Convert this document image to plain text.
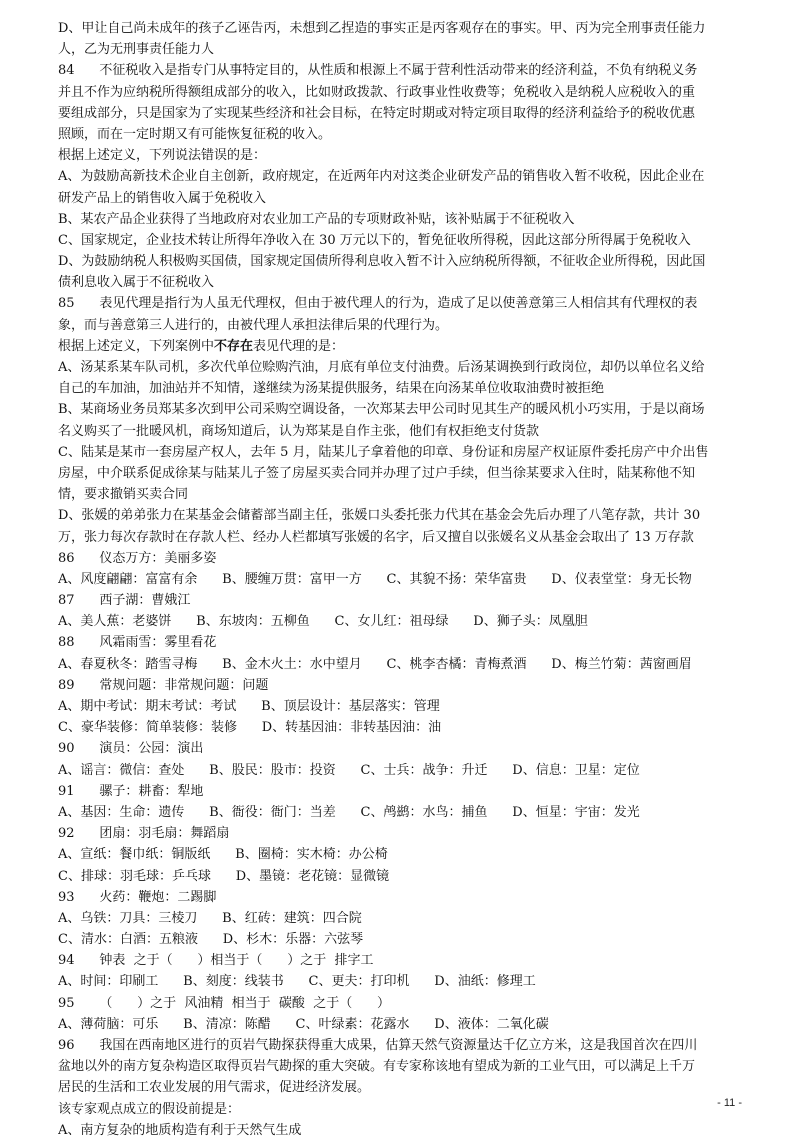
D、甲让自己尚未成年的孩子乙诬告丙，未想到乙捏造的事实正是丙客观存在的事实。甲、丙为完全刑事责任能力
人，乙为无刑事责任能力人
84      不征税收入是指专门从事特定目的，从性质和根源上不属于营利性活动带来的经济利益，不负有纳税义务
并且不作为应纳税所得额组成部分的收入，比如财政拨款、行政事业性收费等；免税收入是纳税人应税收入的重
要组成部分，只是国家为了实现某些经济和社会目标，在特定时期或对特定项目取得的经济利益给予的税收优惠
照顾，而在一定时期又有可能恢复征税的收入。
根据上述定义，下列说法错误的是：
A、为鼓励高新技术企业自主创新，政府规定，在近两年内对这类企业研发产品的销售收入暂不收税，因此企业在
研发产品上的销售收入属于免税收入
B、某农产品企业获得了当地政府对农业加工产品的专项财政补贴，该补贴属于不征税收入
C、国家规定，企业技术转让所得年净收入在 30 万元以下的，暂免征收所得税，因此这部分所得属于免税收入
D、为鼓励纳税人积极购买国债，国家规定国债所得利息收入暂不计入应纳税所得额，不征收企业所得税，因此国
债利息收入属于不征税收入
85      表见代理是指行为人虽无代理权，但由于被代理人的行为，造成了足以使善意第三人相信其有代理权的表
象，而与善意第三人进行的，由被代理人承担法律后果的代理行为。
根据上述定义，下列案例中不存在表见代理的是：
A、汤某系某车队司机，多次代单位赊购汽油，月底有单位支付油费。后汤某调换到行政岗位，却仍以单位名义给
自己的车加油，加油站并不知情，遂继续为汤某提供服务，结果在向汤某单位收取油费时被拒绝
B、某商场业务员郑某多次到甲公司采购空调设备，一次郑某去甲公司时见其生产的暖风机小巧实用，于是以商场
名义购买了一批暖风机，商场知道后，认为郑某是自作主张，他们有权拒绝支付货款
C、陆某是某市一套房屋产权人，去年 5 月，陆某儿子拿着他的印章、身份证和房屋产权证原件委托房产中介出售
房屋，中介联系促成徐某与陆某儿子签了房屋买卖合同并办理了过户手续，但当徐某要求入住时，陆某称他不知
情，要求撤销买卖合同
D、张媛的弟弟张力在某基金会储蓄部当副主任，张媛口头委托张力代其在基金会先后办理了八笔存款，共计 30
万，张力每次存款时在存款人栏、经办人栏都填写张媛的名字，后又擅自以张媛名义从基金会取出了 13 万存款
86      仪态万方：美丽多姿
A、风度翩翩：富富有余      B、腰缠万贯：富甲一方      C、其貌不扬：荣华富贵      D、仪表堂堂：身无长物
87      西子湖：曹娥江
A、美人蕉：老婆饼      B、东坡肉：五柳鱼      C、女儿红：祖母绿      D、狮子头：凤凰胆
88      风霜雨雪：雾里看花
A、春夏秋冬：踏雪寻梅      B、金木火土：水中望月      C、桃李杏橘：青梅煮酒      D、梅兰竹菊：茜窗画眉
89      常规问题：非常规问题：问题
A、期中考试：期末考试：考试      B、顶层设计：基层落实：管理
C、豪华装修：简单装修：装修      D、转基因油：非转基因油：油
90      演员：公园：演出
A、谣言：微信：查处      B、股民：股市：投资      C、士兵：战争：升迁      D、信息：卫星：定位
91      骡子：耕畜：犁地
A、基因：生命：遗传      B、衙役：衙门：当差      C、鸬鹚：水鸟：捕鱼      D、恒星：宇宙：发光
92      团扇：羽毛扇：舞蹈扇
A、宣纸：餐巾纸：铜版纸      B、圈椅：实木椅：办公椅
C、排球：羽毛球：乒乓球      D、墨镜：老花镜：显微镜
93      火药：鞭炮：二踢脚
A、乌铁：刀具：三棱刀      B、红砖：建筑：四合院
C、清水：白酒：五粮液      D、杉木：乐器：六弦琴
94      钟表  之于（      ）相当于（      ）之于  排字工
A、时间：印刷工      B、刻度：线装书      C、更夫：打印机      D、油纸：修理工
95      （      ）之于  风油精  相当于  碳酸  之于（      ）
A、薄荷脑：可乐      B、清凉：陈醋      C、叶绿素：花露水      D、液体：二氧化碳
96      我国在西南地区进行的页岩气勘探获得重大成果，估算天然气资源量达千亿立方米，这是我国首次在四川
盆地以外的南方复杂构造区取得页岩气勘探的重大突破。有专家称该地有望成为新的工业气田，可以满足上千万
居民的生活和工农业发展的用气需求，促进经济发展。
该专家观点成立的假设前提是：
A、南方复杂的地质构造有利于天然气生成
- 11 -
